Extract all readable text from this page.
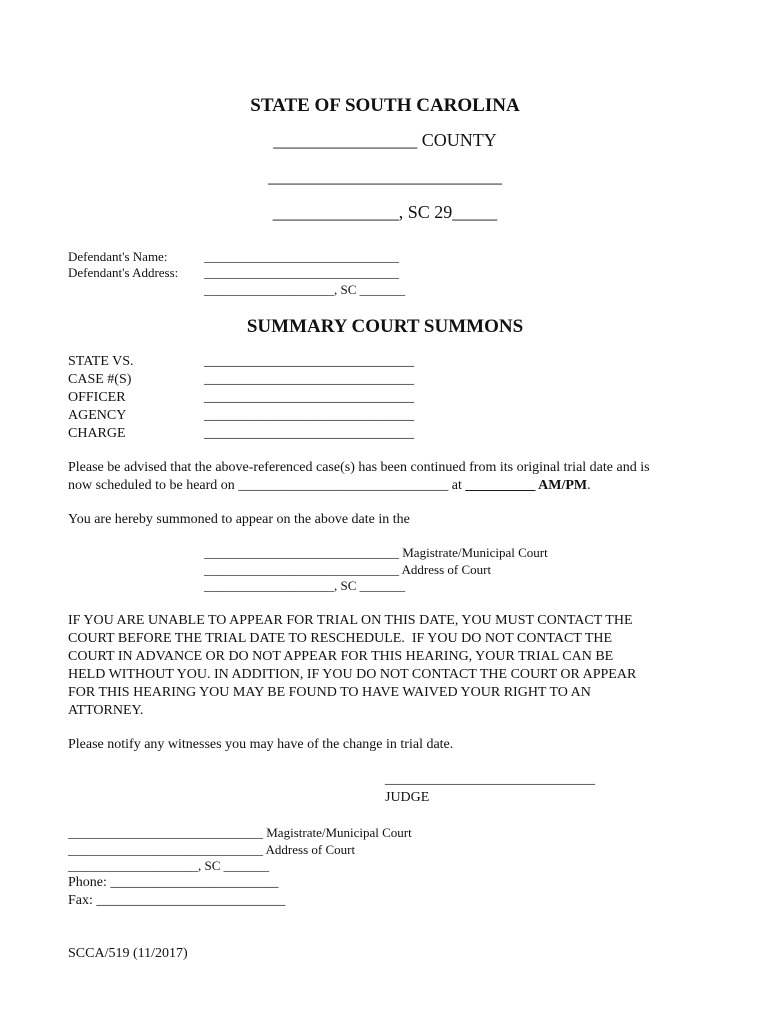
STATE OF SOUTH CAROLINA
________________ COUNTY
__________________________
______________, SC 29_____
Defendant's Name:	______________________________
Defendant's Address: ______________________________
____________________, SC _______
SUMMARY COURT SUMMONS
STATE VS.	______________________________
CASE #(S)	______________________________
OFFICER	______________________________
AGENCY	______________________________
CHARGE	______________________________
Please be advised that the above-referenced case(s) has been continued from its original trial date and is
now scheduled to be heard on ______________________________ at __________ AM/PM.
You are hereby summoned to appear on the above date in the
______________________________ Magistrate/Municipal Court
______________________________ Address of Court
____________________, SC _______
IF YOU ARE UNABLE TO APPEAR FOR TRIAL ON THIS DATE, YOU MUST CONTACT THE
COURT BEFORE THE TRIAL DATE TO RESCHEDULE.  IF YOU DO NOT CONTACT THE
COURT IN ADVANCE OR DO NOT APPEAR FOR THIS HEARING, YOUR TRIAL CAN BE
HELD WITHOUT YOU. IN ADDITION, IF YOU DO NOT CONTACT THE COURT OR APPEAR
FOR THIS HEARING YOU MAY BE FOUND TO HAVE WAIVED YOUR RIGHT TO AN
ATTORNEY.
Please notify any witnesses you may have of the change in trial date.
______________________________
JUDGE
______________________________ Magistrate/Municipal Court
______________________________ Address of Court
____________________, SC _______
Phone: ________________________
Fax: ___________________________
SCCA/519 (11/2017)
